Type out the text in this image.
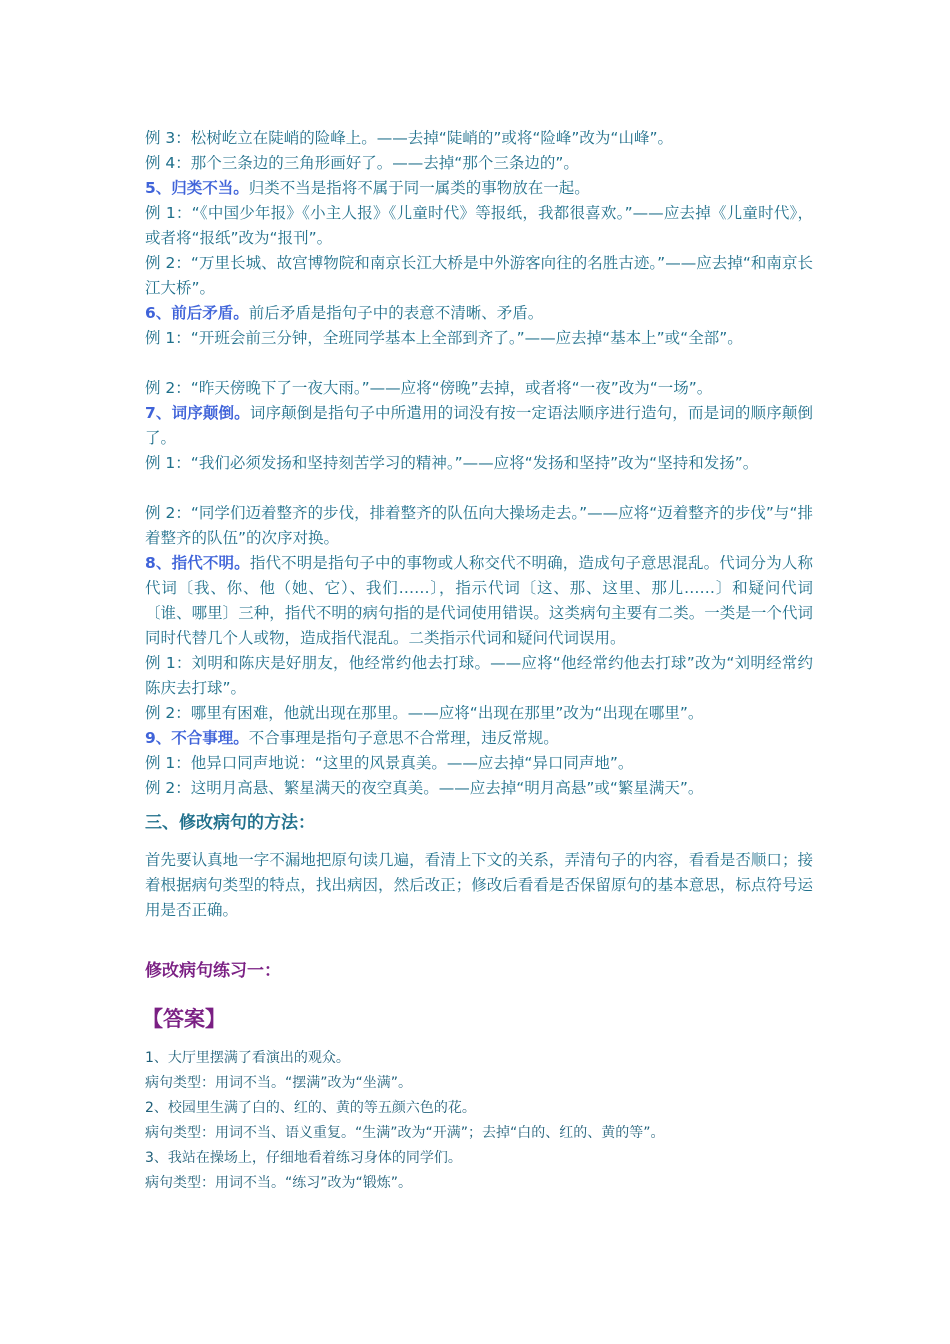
例 3：松树屹立在陡峭的险峰上。——去掉“陡峭的”或将“险峰”改为“山峰”。

例 4：那个三条边的三角形画好了。——去掉“那个三条边的”。

5、归类不当。归类不当是指将不属于同一属类的事物放在一起。

例 1：“《中国少年报》《小主人报》《儿童时代》等报纸，我都很喜欢。”——应去掉《儿童时代》，或者将“报纸”改为“报刊”。

例 2：“万里长城、故宫博物院和南京长江大桥是中外游客向往的名胜古迹。”——应去掉“和南京长江大桥”。

6、前后矛盾。前后矛盾是指句子中的表意不清晰、矛盾。

例 1：“开班会前三分钟，全班同学基本上全部到齐了。”——应去掉“基本上”或“全部”。

例 2：“昨天傍晚下了一夜大雨。”——应将“傍晚”去掉，或者将“一夜”改为“一场”。

7、词序颠倒。词序颠倒是指句子中所遣用的词没有按一定语法顺序进行造句，而是词的顺序颠倒了。

例 1：“我们必须发扬和坚持刻苦学习的精神。”——应将“发扬和坚持”改为“坚持和发扬”。

例 2：“同学们迈着整齐的步伐，排着整齐的队伍向大操场走去。”——应将“迈着整齐的步伐”与“排着整齐的队伍”的次序对换。

8、指代不明。指代不明是指句子中的事物或人称交代不明确，造成句子意思混乱。代词分为人称代词〔我、你、他（她、它）、我们……〕，指示代词〔这、那、这里、那儿……〕和疑问代词〔谁、哪里〕三种，指代不明的病句指的是代词使用错误。这类病句主要有二类。一类是一个代词同时代替几个人或物，造成指代混乱。二类指示代词和疑问代词误用。

例 1：刘明和陈庆是好朋友，他经常约他去打球。——应将“他经常约他去打球”改为“刘明经常约陈庆去打球”。

例 2：哪里有困难，他就出现在那里。——应将“出现在那里”改为“出现在哪里”。

9、不合事理。不合事理是指句子意思不合常理，违反常规。

例 1：他异口同声地说：“这里的风景真美。——应去掉“异口同声地”。

例 2：这明月高悬、繁星满天的夜空真美。——应去掉“明月高悬”或“繁星满天”。

三、修改病句的方法：

首先要认真地一字不漏地把原句读几遍，看清上下文的关系，弄清句子的内容，看看是否顺口；接着根据病句类型的特点，找出病因，然后改正；修改后看看是否保留原句的基本意思，标点符号运用是否正确。

修改病句练习一：

【答案】

1、大厅里摆满了看演出的观众。

病句类型：用词不当。“摆满”改为“坐满”。

2、校园里生满了白的、红的、黄的等五颜六色的花。

病句类型：用词不当、语义重复。“生满”改为“开满”；去掉“白的、红的、黄的等”。

3、我站在操场上，仔细地看着练习身体的同学们。

病句类型：用词不当。“练习”改为“锻炼”。
